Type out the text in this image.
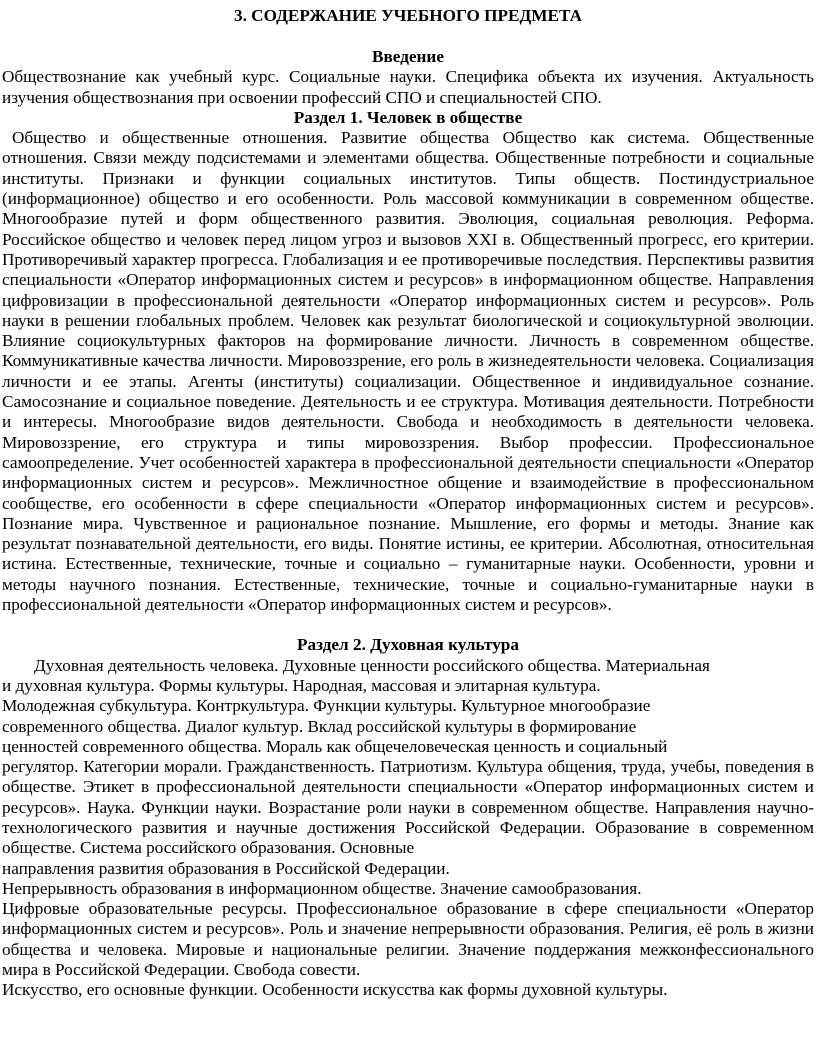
3. СОДЕРЖАНИЕ УЧЕБНОГО ПРЕДМЕТА
Введение

Обществознание как учебный курс. Социальные науки. Специфика объекта их изучения. Актуальность изучения обществознания при освоении профессий СПО и специальностей СПО.

Раздел 1. Человек в обществе

Общество и общественные отношения. Развитие общества Общество как система. Общественные отношения. Связи между подсистемами и элементами общества. Общественные потребности и социальные институты. Признаки и функции социальных институтов. Типы обществ. Постиндустриальное (информационное) общество и его особенности. Роль массовой коммуникации в современном обществе. Многообразие путей и форм общественного развития. Эволюция, социальная революция. Реформа. Российское общество и человек перед лицом угроз и вызовов XXI в. Общественный прогресс, его критерии. Противоречивый характер прогресса. Глобализация и ее противоречивые последствия. Перспективы развития специальности «Оператор информационных систем и ресурсов» в информационном обществе. Направления цифровизации в профессиональной деятельности «Оператор информационных систем и ресурсов». Роль науки в решении глобальных проблем. Человек как результат биологической и социокультурной эволюции. Влияние социокультурных факторов на формирование личности. Личность в современном обществе. Коммуникативные качества личности. Мировоззрение, его роль в жизнедеятельности человека. Социализация личности и ее этапы. Агенты (институты) социализации. Общественное и индивидуальное сознание. Самосознание и социальное поведение. Деятельность и ее структура. Мотивация деятельности. Потребности и интересы. Многообразие видов деятельности. Свобода и необходимость в деятельности человека. Мировоззрение, его структура и типы мировоззрения. Выбор профессии. Профессиональное самоопределение. Учет особенностей характера в профессиональной деятельности специальности «Оператор информационных систем и ресурсов». Межличностное общение и взаимодействие в профессиональном сообществе, его особенности в сфере специальности «Оператор информационных систем и ресурсов». Познание мира. Чувственное и рациональное познание. Мышление, его формы и методы. Знание как результат познавательной деятельности, его виды. Понятие истины, ее критерии. Абсолютная, относительная истина. Естественные, технические, точные и социально – гуманитарные науки. Особенности, уровни и методы научного познания. Естественные, технические, точные и социально-гуманитарные науки в профессиональной деятельности «Оператор информационных систем и ресурсов».

Раздел 2. Духовная культура

Духовная деятельность человека. Духовные ценности российского общества. Материальная

и духовная культура. Формы культуры. Народная, массовая и элитарная культура.

Молодежная субкультура. Контркультура. Функции культуры. Культурное многообразие

современного общества. Диалог культур. Вклад российской культуры в формирование

ценностей современного общества. Мораль как общечеловеческая ценность и социальный

регулятор. Категории морали. Гражданственность. Патриотизм. Культура общения, труда, учебы, поведения в обществе. Этикет в профессиональной деятельности специальности «Оператор информационных систем и ресурсов». Наука. Функции науки. Возрастание роли науки в современном обществе. Направления научно-технологического развития и научные достижения Российской Федерации. Образование в современном обществе. Система российского образования. Основные

направления развития образования в Российской Федерации.

Непрерывность образования в информационном обществе. Значение самообразования.

Цифровые образовательные ресурсы. Профессиональное образование в сфере специальности «Оператор информационных систем и ресурсов». Роль и значение непрерывности образования. Религия, её роль в жизни общества и человека. Мировые и национальные религии. Значение поддержания межконфессионального мира в Российской Федерации. Свобода совести.

Искусство, его основные функции. Особенности искусства как формы духовной культуры.
